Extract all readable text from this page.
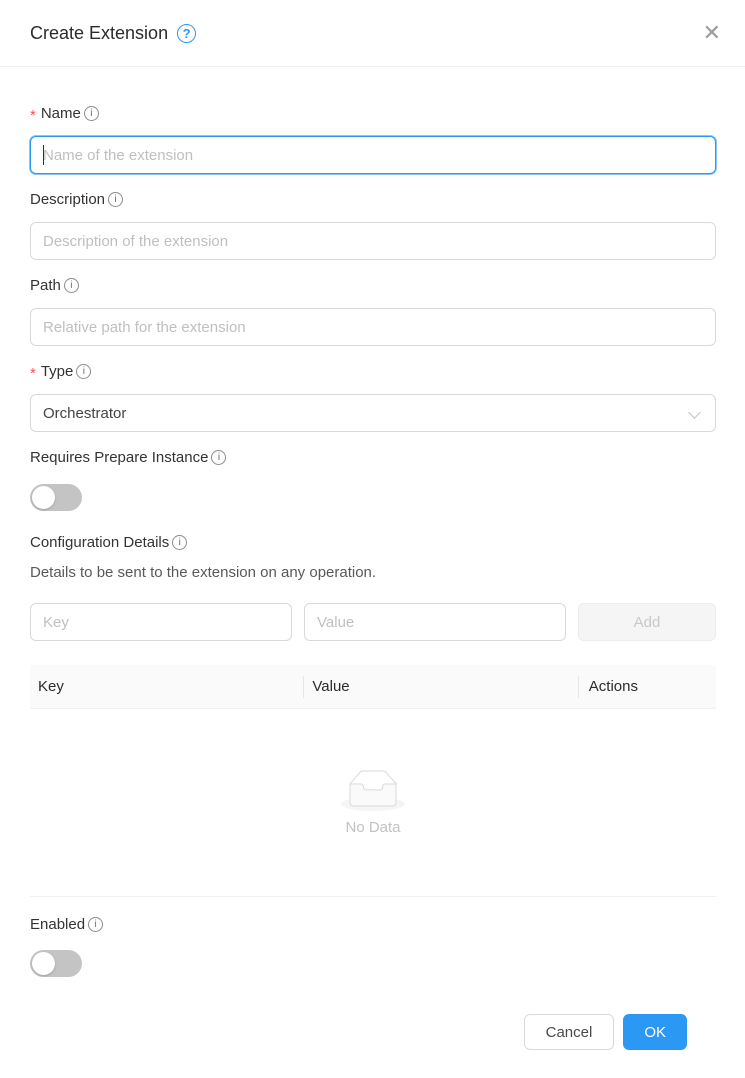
Create Extension	?	✕
* Name i
Name of the extension
Description i
Description of the extension
Path i
Relative path for the extension
* Type i
Orchestrator
Requires Prepare Instance i
Configuration Details i
Details to be sent to the extension on any operation.
Key
Value
Add
Key	Value	Actions
No Data
Enabled i
Cancel	OK
